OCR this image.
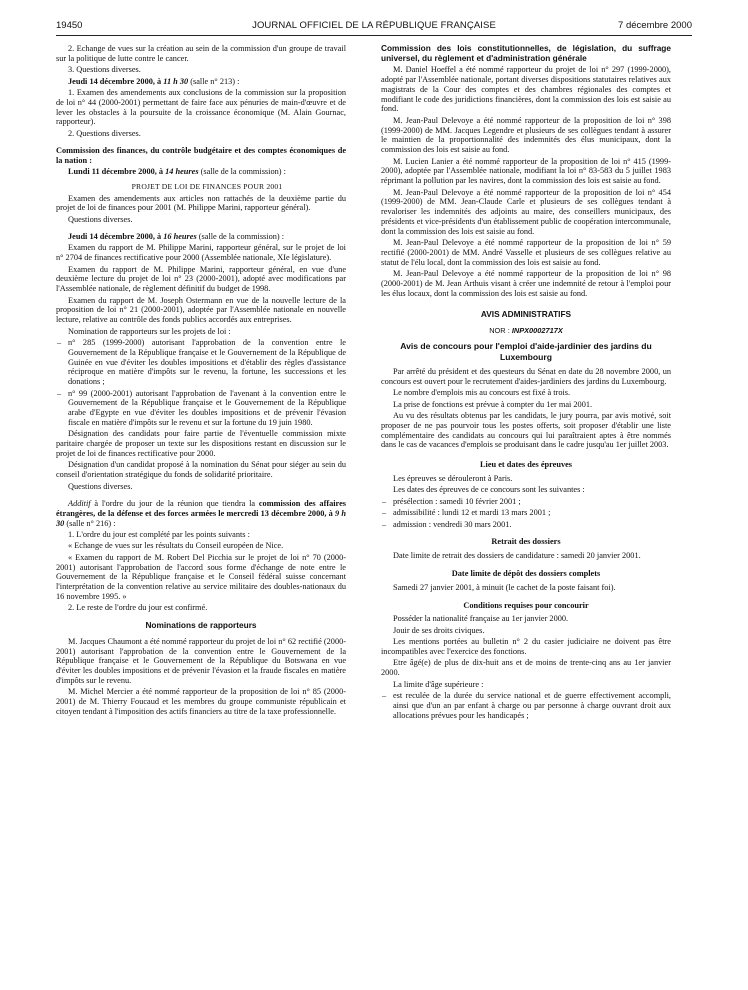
19450	JOURNAL OFFICIEL DE LA RÉPUBLIQUE FRANÇAISE	7 décembre 2000

2. Echange de vues sur la création au sein de la commission d'un groupe de travail sur la politique de lutte contre le cancer.

3. Questions diverses.

Jeudi 14 décembre 2000, à 11 h 30 (salle n° 213) :

1. Examen des amendements aux conclusions de la commission sur la proposition de loi n° 44 (2000-2001) permettant de faire face aux pénuries de main-d'œuvre et de lever les obstacles à la poursuite de la croissance économique (M. Alain Gournac, rapporteur).

2. Questions diverses.

Commission des finances, du contrôle budgétaire et des comptes économiques de la nation :

Lundi 11 décembre 2000, à 14 heures (salle de la commission) :

PROJET DE LOI DE FINANCES POUR 2001

Examen des amendements aux articles non rattachés de la deuxième partie du projet de loi de finances pour 2001 (M. Philippe Marini, rapporteur général).

Questions diverses.

Jeudi 14 décembre 2000, à 16 heures (salle de la commission) :

Examen du rapport de M. Philippe Marini, rapporteur général, sur le projet de loi n° 2704 de finances rectificative pour 2000 (Assemblée nationale, XIe législature).

Examen du rapport de M. Philippe Marini, rapporteur général, en vue d'une deuxième lecture du projet de loi n° 23 (2000-2001), adopté avec modifications par l'Assemblée nationale, de règlement définitif du budget de 1998.

Examen du rapport de M. Joseph Ostermann en vue de la nouvelle lecture de la proposition de loi n° 21 (2000-2001), adoptée par l'Assemblée nationale en nouvelle lecture, relative au contrôle des fonds publics accordés aux entreprises.

Nomination de rapporteurs sur les projets de loi :

– n° 285 (1999-2000) autorisant l'approbation de la convention entre le Gouvernement de la République française et le Gouvernement de la République de Guinée en vue d'éviter les doubles impositions et d'établir des règles d'assistance réciproque en matière d'impôts sur le revenu, la fortune, les successions et les donations ;
– n° 99 (2000-2001) autorisant l'approbation de l'avenant à la convention entre le Gouvernement de la République française et le Gouvernement de la République arabe d'Egypte en vue d'éviter les doubles impositions et de prévenir l'évasion fiscale en matière d'impôts sur le revenu et sur la fortune du 19 juin 1980.

Désignation des candidats pour faire partie de l'éventuelle commission mixte paritaire chargée de proposer un texte sur les dispositions restant en discussion sur le projet de loi de finances rectificative pour 2000.

Désignation d'un candidat proposé à la nomination du Sénat pour siéger au sein du conseil d'orientation stratégique du fonds de solidarité prioritaire.

Questions diverses.

Additif à l'ordre du jour de la réunion que tiendra la commission des affaires étrangères, de la défense et des forces armées le mercredi 13 décembre 2000, à 9 h 30 (salle n° 216) :

1. L'ordre du jour est complété par les points suivants :

« Echange de vues sur les résultats du Conseil européen de Nice.

« Examen du rapport de M. Robert Del Picchia sur le projet de loi n° 70 (2000-2001) autorisant l'approbation de l'accord sous forme d'échange de note entre le Gouvernement de la République française et le Conseil fédéral suisse concernant l'interprétation de la convention relative au service militaire des doubles-nationaux du 16 novembre 1995. »

2. Le reste de l'ordre du jour est confirmé.

Nominations de rapporteurs

M. Jacques Chaumont a été nommé rapporteur du projet de loi n° 62 rectifié (2000-2001) autorisant l'approbation de la convention entre le Gouvernement de la République française et le Gouvernement de la République du Botswana en vue d'éviter les doubles impositions et de prévenir l'évasion et la fraude fiscales en matière d'impôts sur le revenu.

M. Michel Mercier a été nommé rapporteur de la proposition de loi n° 85 (2000-2001) de M. Thierry Foucaud et les membres du groupe communiste républicain et citoyen tendant à l'imposition des actifs financiers au titre de la taxe professionnelle.

Commission des lois constitutionnelles, de législation, du suffrage universel, du règlement et d'administration générale

M. Daniel Hoeffel a été nommé rapporteur du projet de loi n° 297 (1999-2000), adopté par l'Assemblée nationale, portant diverses dispositions statutaires relatives aux magistrats de la Cour des comptes et des chambres régionales des comptes et modifiant le code des juridictions financières, dont la commission des lois est saisie au fond.

M. Jean-Paul Delevoye a été nommé rapporteur de la proposition de loi n° 398 (1999-2000) de MM. Jacques Legendre et plusieurs de ses collègues tendant à assurer le maintien de la proportionnalité des indemnités des élus municipaux, dont la commission des lois est saisie au fond.

M. Lucien Lanier a été nommé rapporteur de la proposition de loi n° 415 (1999-2000), adoptée par l'Assemblée nationale, modifiant la loi n° 83-583 du 5 juillet 1983 réprimant la pollution par les navires, dont la commission des lois est saisie au fond.

M. Jean-Paul Delevoye a été nommé rapporteur de la proposition de loi n° 454 (1999-2000) de MM. Jean-Claude Carle et plusieurs de ses collègues tendant à revaloriser les indemnités des adjoints au maire, des conseillers municipaux, des présidents et vice-présidents d'un établissement public de coopération intercommunale, dont la commission des lois est saisie au fond.

M. Jean-Paul Delevoye a été nommé rapporteur de la proposition de loi n° 59 rectifié (2000-2001) de MM. André Vasselle et plusieurs de ses collègues relative au statut de l'élu local, dont la commission des lois est saisie au fond.

M. Jean-Paul Delevoye a été nommé rapporteur de la proposition de loi n° 98 (2000-2001) de M. Jean Arthuis visant à créer une indemnité de retour à l'emploi pour les élus locaux, dont la commission des lois est saisie au fond.

AVIS ADMINISTRATIFS
NOR : INPX0002717X
Avis de concours pour l'emploi d'aide-jardinier des jardins du Luxembourg

Par arrêté du président et des questeurs du Sénat en date du 28 novembre 2000, un concours est ouvert pour le recrutement d'aides-jardiniers des jardins du Luxembourg.

Le nombre d'emplois mis au concours est fixé à trois.

La prise de fonctions est prévue à compter du 1er mai 2001.

Au vu des résultats obtenus par les candidats, le jury pourra, par avis motivé, soit proposer de ne pas pourvoir tous les postes offerts, soit proposer d'établir une liste complémentaire des candidats au concours qui lui paraîtraient aptes à être nommés dans le cas de vacances d'emplois se produisant dans le cadre jusqu'au 1er juillet 2003.

Lieu et dates des épreuves

Les épreuves se dérouleront à Paris.

Les dates des épreuves de ce concours sont les suivantes :

– présélection : samedi 10 février 2001 ;
– admissibilité : lundi 12 et mardi 13 mars 2001 ;
– admission : vendredi 30 mars 2001.
Retrait des dossiers

Date limite de retrait des dossiers de candidature : samedi 20 janvier 2001.

Date limite de dépôt des dossiers complets

Samedi 27 janvier 2001, à minuit (le cachet de la poste faisant foi).

Conditions requises pour concourir

Posséder la nationalité française au 1er janvier 2000.

Jouir de ses droits civiques.

Les mentions portées au bulletin n° 2 du casier judiciaire ne doivent pas être incompatibles avec l'exercice des fonctions.

Etre âgé(e) de plus de dix-huit ans et de moins de trente-cinq ans au 1er janvier 2000.

La limite d'âge supérieure :

– est reculée de la durée du service national et de guerre effectivement accompli, ainsi que d'un an par enfant à charge ou par personne à charge ouvrant droit aux allocations prévues pour les handicapés ;
